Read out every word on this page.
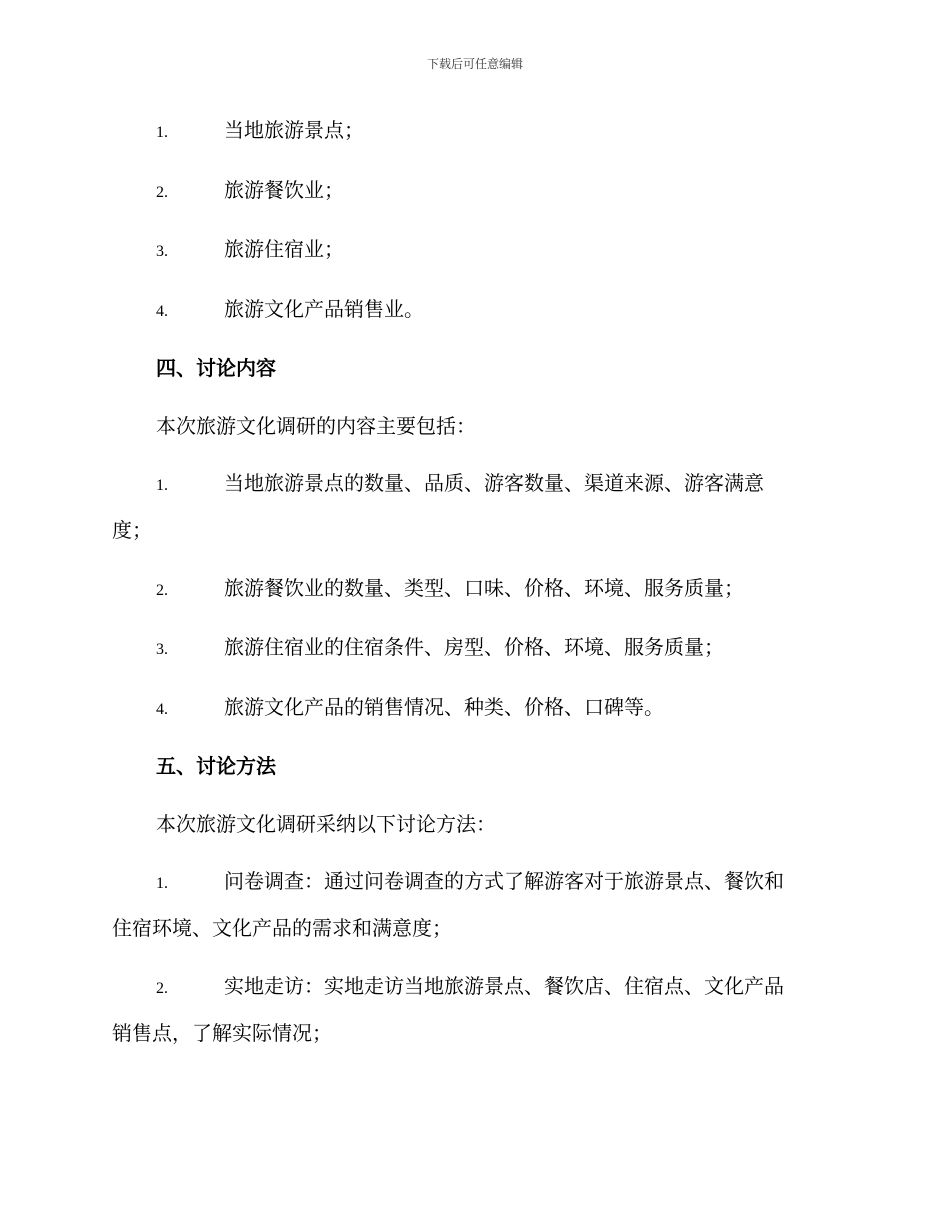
下载后可任意编辑
1.	当地旅游景点；
2.	旅游餐饮业；
3.	旅游住宿业；
4.	旅游文化产品销售业。
四、讨论内容
本次旅游文化调研的内容主要包括：
1.	当地旅游景点的数量、品质、游客数量、渠道来源、游客满意
度；
2.	旅游餐饮业的数量、类型、口味、价格、环境、服务质量；
3.	旅游住宿业的住宿条件、房型、价格、环境、服务质量；
4.	旅游文化产品的销售情况、种类、价格、口碑等。
五、讨论方法
本次旅游文化调研采纳以下讨论方法：
1.	问卷调查：通过问卷调查的方式了解游客对于旅游景点、餐饮和
住宿环境、文化产品的需求和满意度；
2.	实地走访：实地走访当地旅游景点、餐饮店、住宿点、文化产品
销售点，了解实际情况；
